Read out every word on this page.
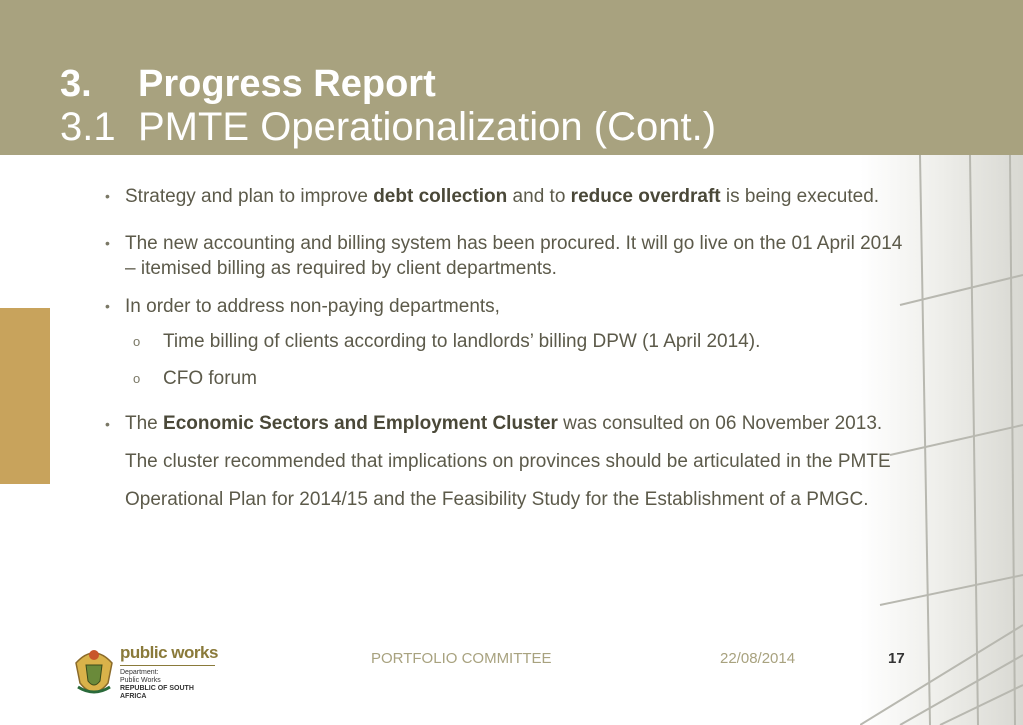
3. Progress Report
3.1 PMTE Operationalization (Cont.)
• Strategy and plan to improve debt collection and to reduce overdraft is being executed.
• The new accounting and billing system has been procured. It will go live on the 01 April 2014 – itemised billing as required by client departments.
• In order to address non-paying departments,
o Time billing of clients according to landlords’ billing DPW (1 April 2014).
o CFO forum
• The Economic Sectors and Employment Cluster was consulted on 06 November 2013. The cluster recommended that implications on provinces should be articulated in the PMTE Operational Plan for 2014/15 and the Feasibility Study for the Establishment of a PMGC.
public works
Department:
Public Works
REPUBLIC OF SOUTH AFRICA
PORTFOLIO COMMITTEE	22/08/2014	17
